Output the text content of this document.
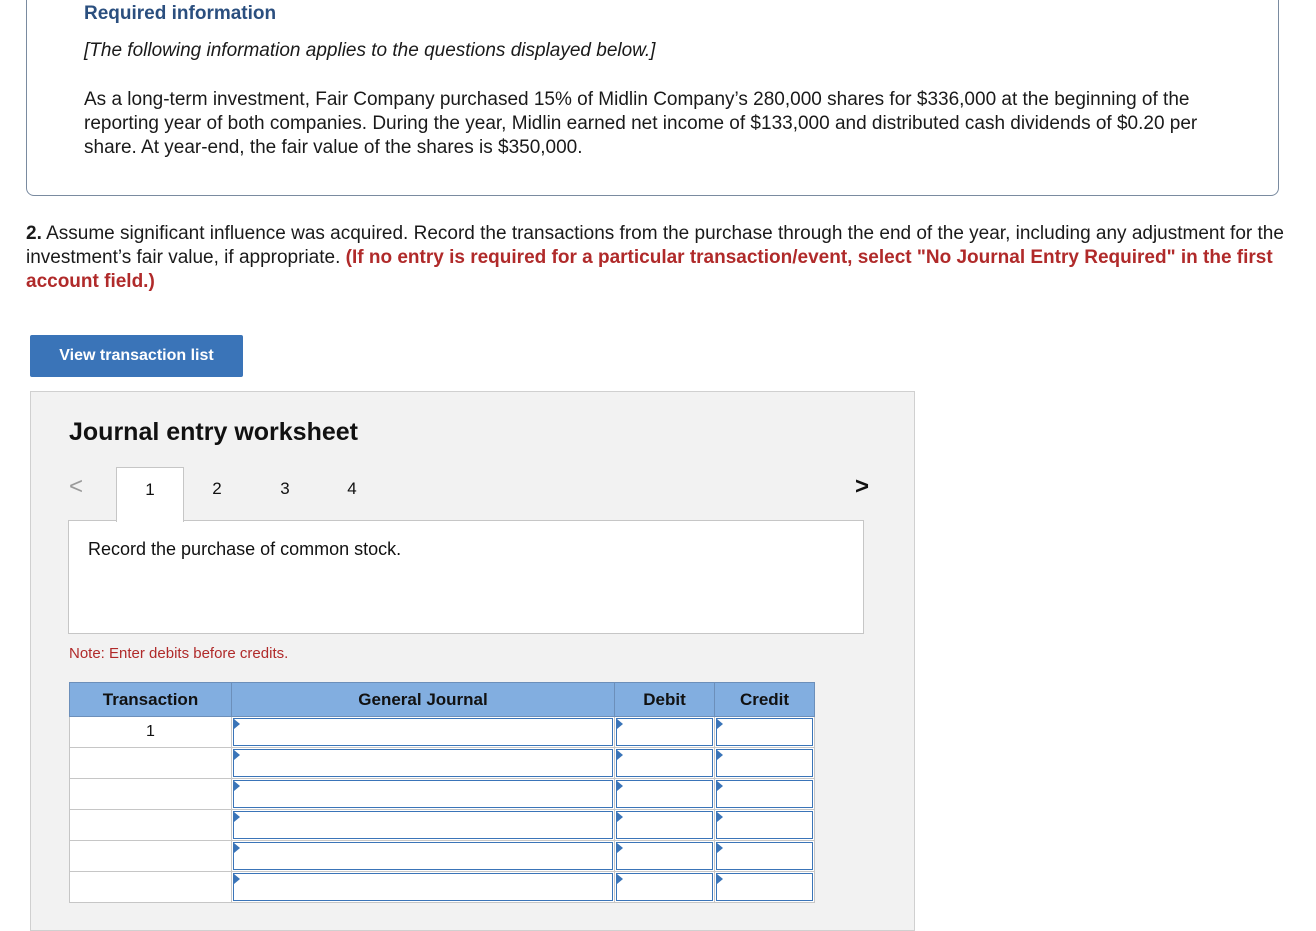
Required information
[The following information applies to the questions displayed below.]
As a long-term investment, Fair Company purchased 15% of Midlin Company’s 280,000 shares for $336,000 at the beginning of the reporting year of both companies. During the year, Midlin earned net income of $133,000 and distributed cash dividends of $0.20 per share. At year-end, the fair value of the shares is $350,000.
2. Assume significant influence was acquired. Record the transactions from the purchase through the end of the year, including any adjustment for the investment’s fair value, if appropriate. (If no entry is required for a particular transaction/event, select "No Journal Entry Required" in the first account field.)
View transaction list
Journal entry worksheet
<	1	2	3	4	>
Record the purchase of common stock.
Note: Enter debits before credits.
Transaction	General Journal	Debit	Credit
1	
